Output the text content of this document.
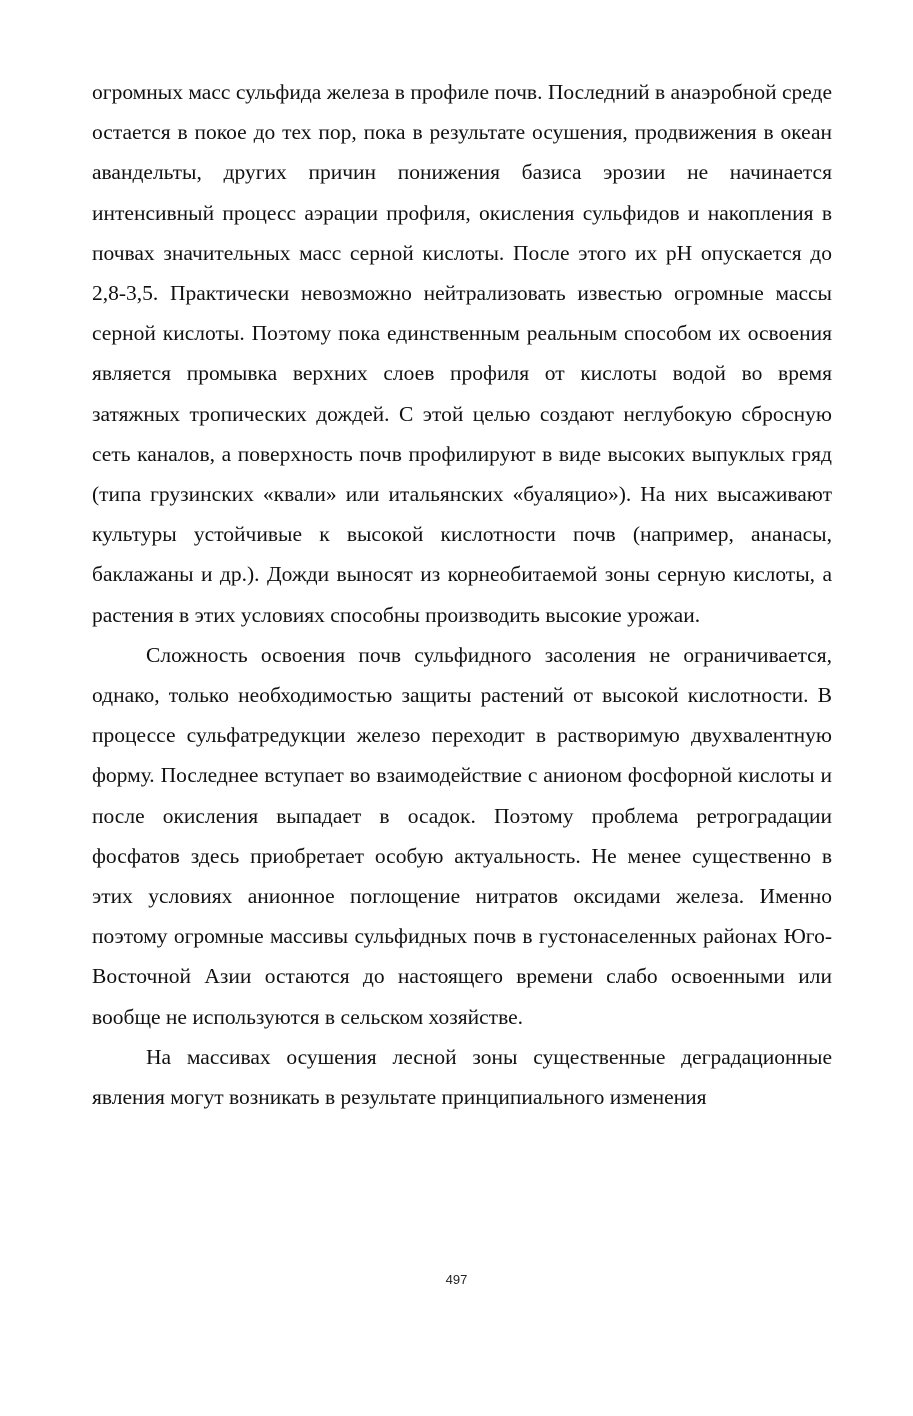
огромных масс сульфида железа в профиле почв. Последний в анаэробной среде остается в покое до тех пор, пока в результате осушения, продвижения в океан авандельты, других причин понижения базиса эрозии не начинается интенсивный процесс аэрации профиля, окисления сульфидов и накопления в почвах значительных масс серной кислоты. После этого их рН опускается до 2,8-3,5. Практически невозможно нейтрализовать известью огромные массы серной кислоты. Поэтому пока единственным реальным способом их освоения является промывка верхних слоев профиля от кислоты водой во время затяжных тропических дождей. С этой целью создают неглубокую сбросную сеть каналов, а поверхность почв профилируют в виде высоких выпуклых гряд (типа грузинских «квали» или итальянских «буаляцио»). На них высаживают культуры устойчивые к высокой кислотности почв (например, ананасы, баклажаны и др.). Дожди выносят из корнеобитаемой зоны серную кислоты, а растения в этих условиях способны производить высокие урожаи.

Сложность освоения почв сульфидного засоления не ограничивается, однако, только необходимостью защиты растений от высокой кислотности. В процессе сульфатредукции железо переходит в растворимую двухвалентную форму. Последнее вступает во взаимодействие с анионом фосфорной кислоты и после окисления выпадает в осадок. Поэтому проблема ретроградации фосфатов здесь приобретает особую актуальность. Не менее существенно в этих условиях анионное поглощение нитратов оксидами железа. Именно поэтому огромные массивы сульфидных почв в густонаселенных районах Юго-Восточной Азии остаются до настоящего времени слабо освоенными или вообще не используются в сельском хозяйстве.

На массивах осушения лесной зоны существенные деградационные явления могут возникать в результате принципиального изменения

497
